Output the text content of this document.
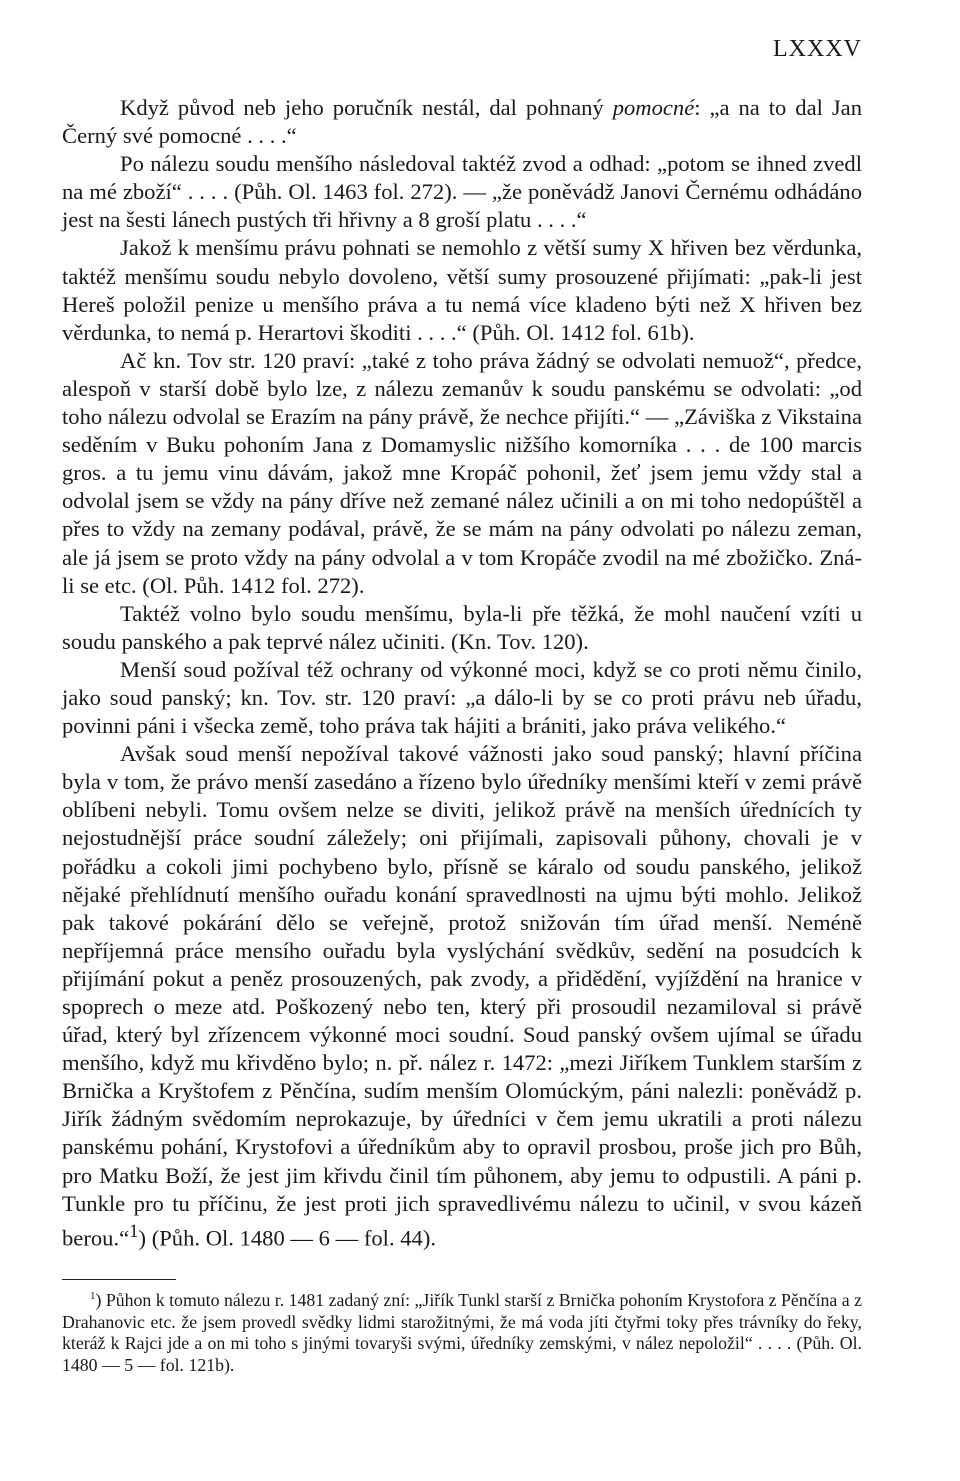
LXXXV

Když původ neb jeho poručník nestál, dal pohnaný pomocné: „a na to dal Jan Černý své pomocné . . . .“

Po nálezu soudu menšího následoval taktéž zvod a odhad: „potom se ihned zvedl na mé zboží“ . . . . (Půh. Ol. 1463 fol. 272). — „že poněvádž Janovi Černému odhádáno jest na šesti lánech pustých tři hřivny a 8 groší platu . . . .“

Jakož k menšímu právu pohnati se nemohlo z větší sumy X hřiven bez věrdunka, taktéž menšímu soudu nebylo dovoleno, větší sumy prosouzené přijímati: „pak-li jest Hereš položil penize u menšího práva a tu nemá více kladeno býti než X hřiven bez věrdunka, to nemá p. Herartovi škoditi . . . .“ (Půh. Ol. 1412 fol. 61b).

Ač kn. Tov str. 120 praví: „také z toho práva žádný se odvolati nemuož“, předce, alespoň v starší době bylo lze, z nálezu zemanův k soudu panskému se odvolati: „od toho nálezu odvolal se Erazím na pány právě, že nechce přijíti.“ — „Záviška z Vikstaina seděním v Buku pohoním Jana z Domamyslic nižšího komorníka . . . de 100 marcis gros. a tu jemu vinu dávám, jakož mne Kropáč pohonil, žeť jsem jemu vždy stal a odvolal jsem se vždy na pány dříve než zemané nález učinili a on mi toho nedopúštěl a přes to vždy na zemany podával, právě, že se mám na pány odvolati po nálezu zeman, ale já jsem se proto vždy na pány odvolal a v tom Kropáče zvodil na mé zbožičko. Zná-li se etc. (Ol. Půh. 1412 fol. 272).

Taktéž volno bylo soudu menšímu, byla-li pře těžká, že mohl naučení vzíti u soudu panského a pak teprvé nález učiniti. (Kn. Tov. 120).

Menší soud požíval též ochrany od výkonné moci, když se co proti němu činilo, jako soud panský; kn. Tov. str. 120 praví: „a dálo-li by se co proti právu neb úřadu, povinni páni i všecka země, toho práva tak hájiti a brániti, jako práva velikého.“

Avšak soud menší nepožíval takové vážnosti jako soud panský; hlavní příčina byla v tom, že právo menší zasedáno a řízeno bylo úředníky menšími kteří v zemi právě oblíbeni nebyli. Tomu ovšem nelze se diviti, jelikož právě na menších úřednících ty nejostudnější práce soudní záležely; oni přijímali, zapisovali půhony, chovali je v pořádku a cokoli jimi pochybeno bylo, přísně se káralo od soudu panského, jelikož nějaké přehlídnutí menšího ouřadu konání spravedlnosti na ujmu býti mohlo. Jelikož pak takové pokárání dělo se veřejně, protož snižován tím úřad menší. Neméně nepříjemná práce mensího ouřadu byla vyslýchání svědkův, sedění na posudcích k přijímání pokut a peněz prosouzených, pak zvody, a přidědění, vyjíždění na hranice v spoprech o meze atd. Poškozený nebo ten, který při prosoudil nezamiloval si právě úřad, který byl zřízencem výkonné moci soudní. Soud panský ovšem ujímal se úřadu menšího, když mu křivděno bylo; n. př. nález r. 1472: „mezi Jiříkem Tunklem starším z Brnička a Kryštofem z Pěnčína, sudím menším Olomúckým, páni nalezli: poněvádž p. Jiřík žádným svědomím neprokazuje, by úředníci v čem jemu ukratili a proti nálezu panskému pohání, Krystofovi a úředníkům aby to opravil prosbou, proše jich pro Bůh, pro Matku Boží, že jest jim křivdu činil tím půhonem, aby jemu to odpustili. A páni p. Tunkle pro tu příčinu, že jest proti jich spravedlivému nálezu to učinil, v svou kázeň berou.“$^1$) (Půh. Ol. 1480 — 6 — fol. 44).

$^1$) Půhon k tomuto nálezu r. 1481 zadaný zní: „Jiřík Tunkl starší z Brnička pohoním Krystofora z Pěnčína a z Drahanovic etc. že jsem provedl svědky lidmi starožitnými, že má voda jíti čtyřmi toky přes trávníky do řeky, kteráž k Rajci jde a on mi toho s jinými tovaryši svými, úředníky zemskými, v nález nepoložil“ . . . . (Půh. Ol. 1480 — 5 — fol. 121b).
